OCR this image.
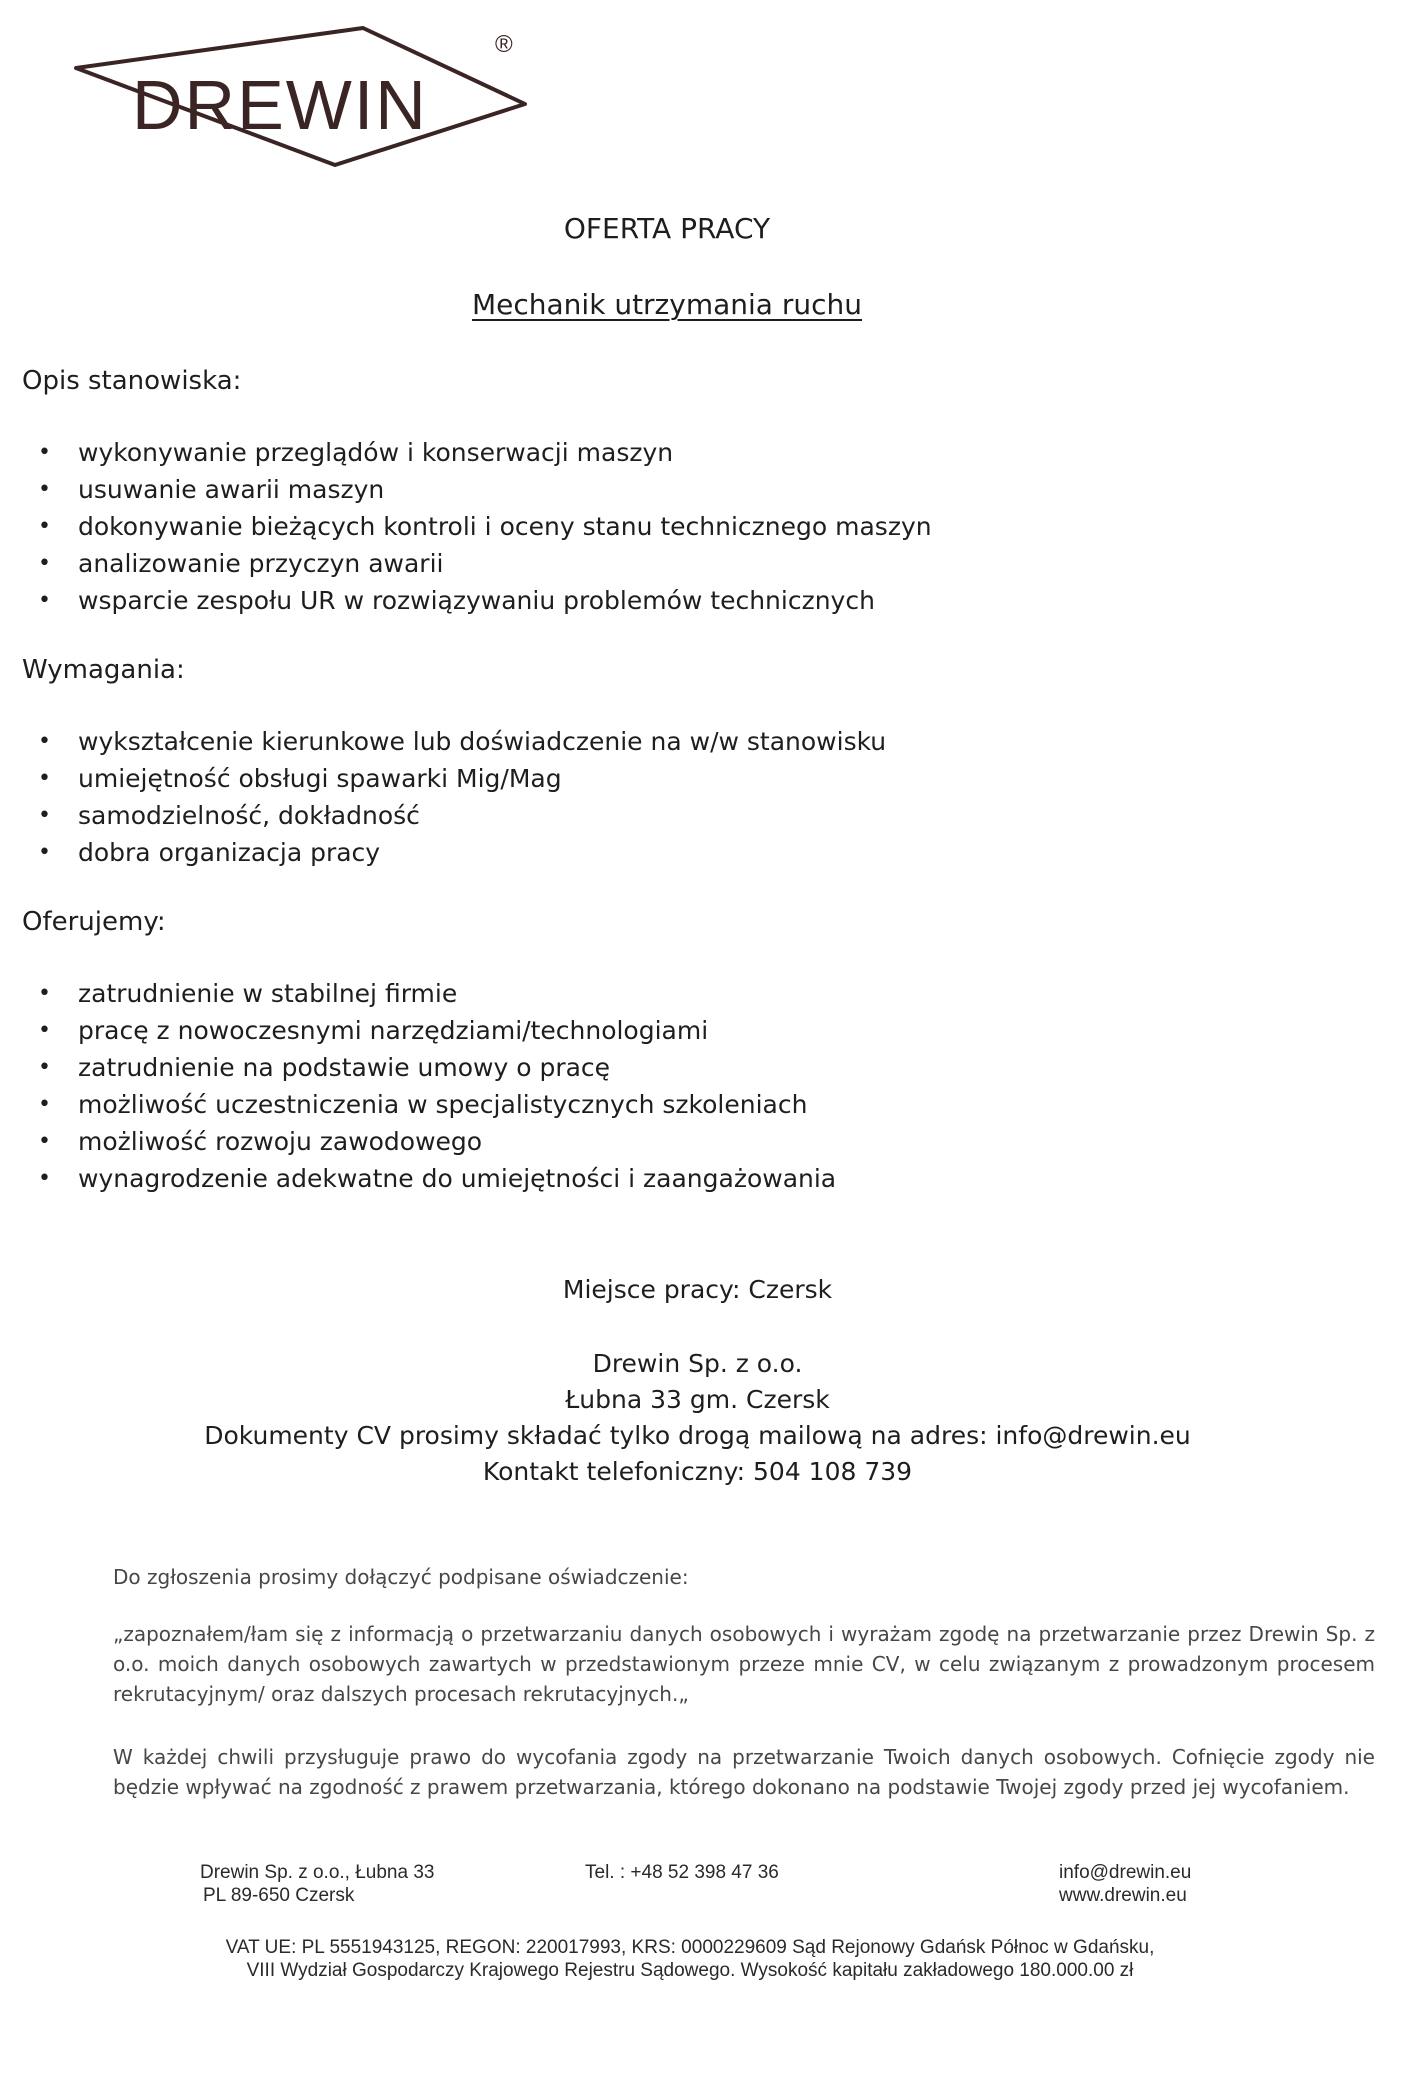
DREWIN
®
OFERTA PRACY
Mechanik utrzymania ruchu
Opis stanowiska:
• wykonywanie przeglądów i konserwacji maszyn
• usuwanie awarii maszyn
• dokonywanie bieżących kontroli i oceny stanu technicznego maszyn
• analizowanie przyczyn awarii
• wsparcie zespołu UR w rozwiązywaniu problemów technicznych
Wymagania:
• wykształcenie kierunkowe lub doświadczenie na w/w stanowisku
• umiejętność obsługi spawarki Mig/Mag
• samodzielność, dokładność
• dobra organizacja pracy
Oferujemy:
• zatrudnienie w stabilnej firmie
• pracę z nowoczesnymi narzędziami/technologiami
• zatrudnienie na podstawie umowy o pracę
• możliwość uczestniczenia w specjalistycznych szkoleniach
• możliwość rozwoju zawodowego
• wynagrodzenie adekwatne do umiejętności i zaangażowania
Miejsce pracy: Czersk
Drewin Sp. z o.o.
Łubna 33 gm. Czersk
Dokumenty CV prosimy składać tylko drogą mailową na adres: info@drewin.eu
Kontakt telefoniczny: 504 108 739
Do zgłoszenia prosimy dołączyć podpisane oświadczenie:
„zapoznałem/łam się z informacją o przetwarzaniu danych osobowych i wyrażam zgodę na przetwarzanie przez Drewin Sp. z o.o. moich danych osobowych zawartych w przedstawionym przeze mnie CV, w celu związanym z prowadzonym procesem rekrutacyjnym/ oraz dalszych procesach rekrutacyjnych.„
W każdej chwili przysługuje prawo do wycofania zgody na przetwarzanie Twoich danych osobowych. Cofnięcie zgody nie będzie wpływać na zgodność z prawem przetwarzania, którego dokonano na podstawie Twojej zgody przed jej wycofaniem.
Drewin Sp. z o.o., Łubna 33
PL 89-650 Czersk
Tel. : +48 52 398 47 36	info@drewin.eu
www.drewin.eu
VAT UE: PL 5551943125, REGON: 220017993, KRS: 0000229609 Sąd Rejonowy Gdańsk Północ w Gdańsku,
VIII Wydział Gospodarczy Krajowego Rejestru Sądowego. Wysokość kapitału zakładowego 180.000.00 zł
